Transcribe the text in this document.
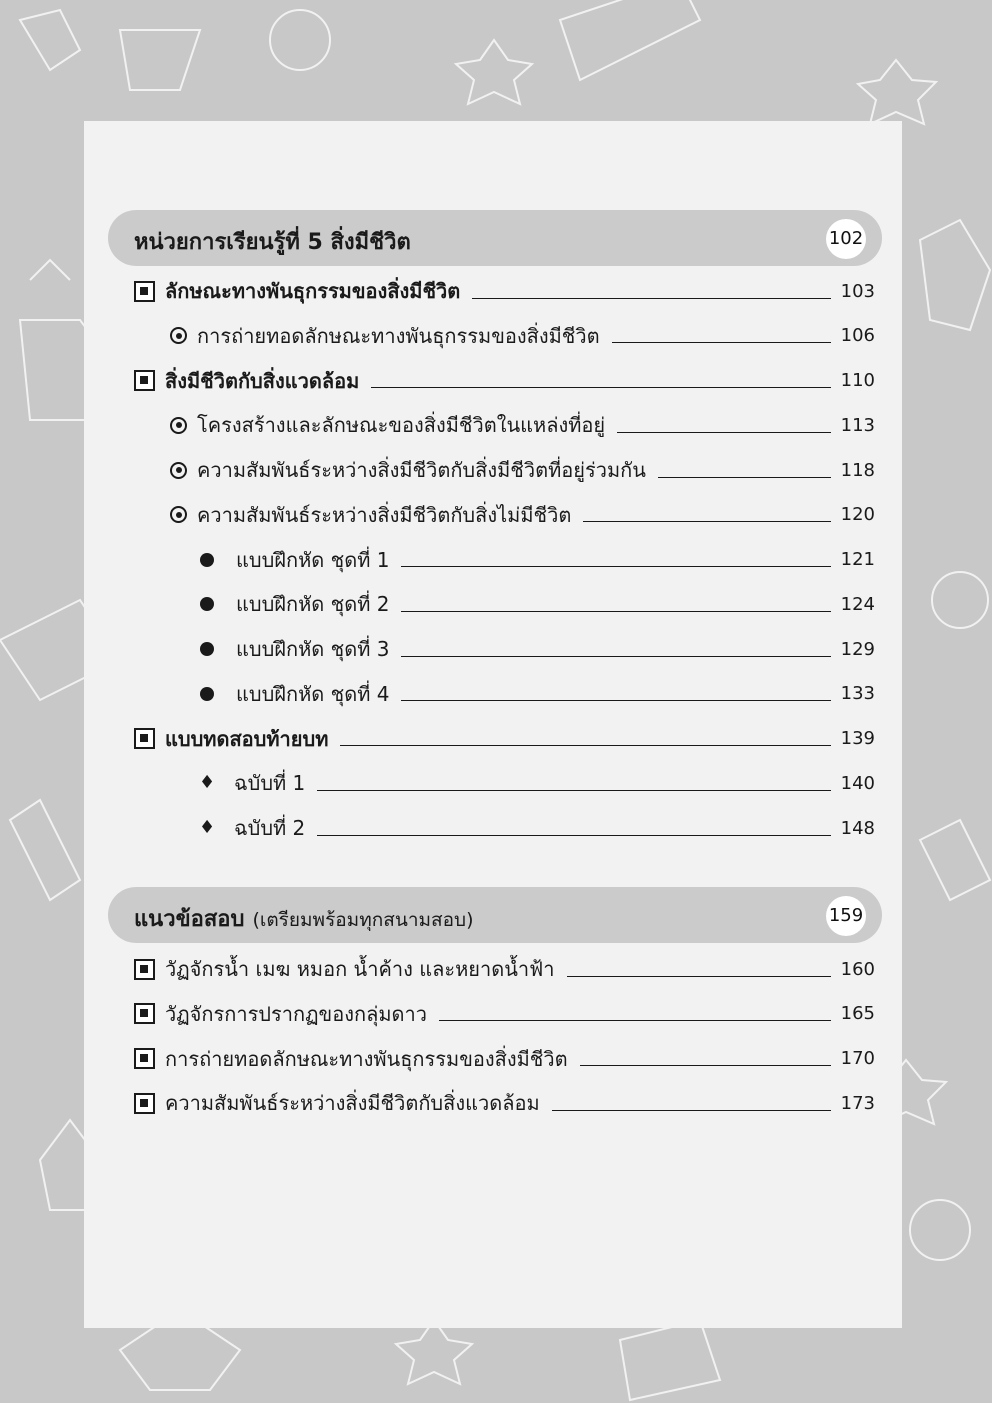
หน่วยการเรียนรู้ที่ 5 สิ่งมีชีวิต	102
ลักษณะทางพันธุกรรมของสิ่งมีชีวิต	103
การถ่ายทอดลักษณะทางพันธุกรรมของสิ่งมีชีวิต	106
สิ่งมีชีวิตกับสิ่งแวดล้อม	110
โครงสร้างและลักษณะของสิ่งมีชีวิตในแหล่งที่อยู่	113
ความสัมพันธ์ระหว่างสิ่งมีชีวิตกับสิ่งมีชีวิตที่อยู่ร่วมกัน	118
ความสัมพันธ์ระหว่างสิ่งมีชีวิตกับสิ่งไม่มีชีวิต	120
แบบฝึกหัด ชุดที่ 1	121
แบบฝึกหัด ชุดที่ 2	124
แบบฝึกหัด ชุดที่ 3	129
แบบฝึกหัด ชุดที่ 4	133
แบบทดสอบท้ายบท	139
♦ ฉบับที่ 1	140
♦ ฉบับที่ 2	148
แนวข้อสอบ (เตรียมพร้อมทุกสนามสอบ)	159
วัฏจักรน้ำ เมฆ หมอก น้ำค้าง และหยาดน้ำฟ้า	160
วัฏจักรการปรากฏของกลุ่มดาว	165
การถ่ายทอดลักษณะทางพันธุกรรมของสิ่งมีชีวิต	170
ความสัมพันธ์ระหว่างสิ่งมีชีวิตกับสิ่งแวดล้อม	173
